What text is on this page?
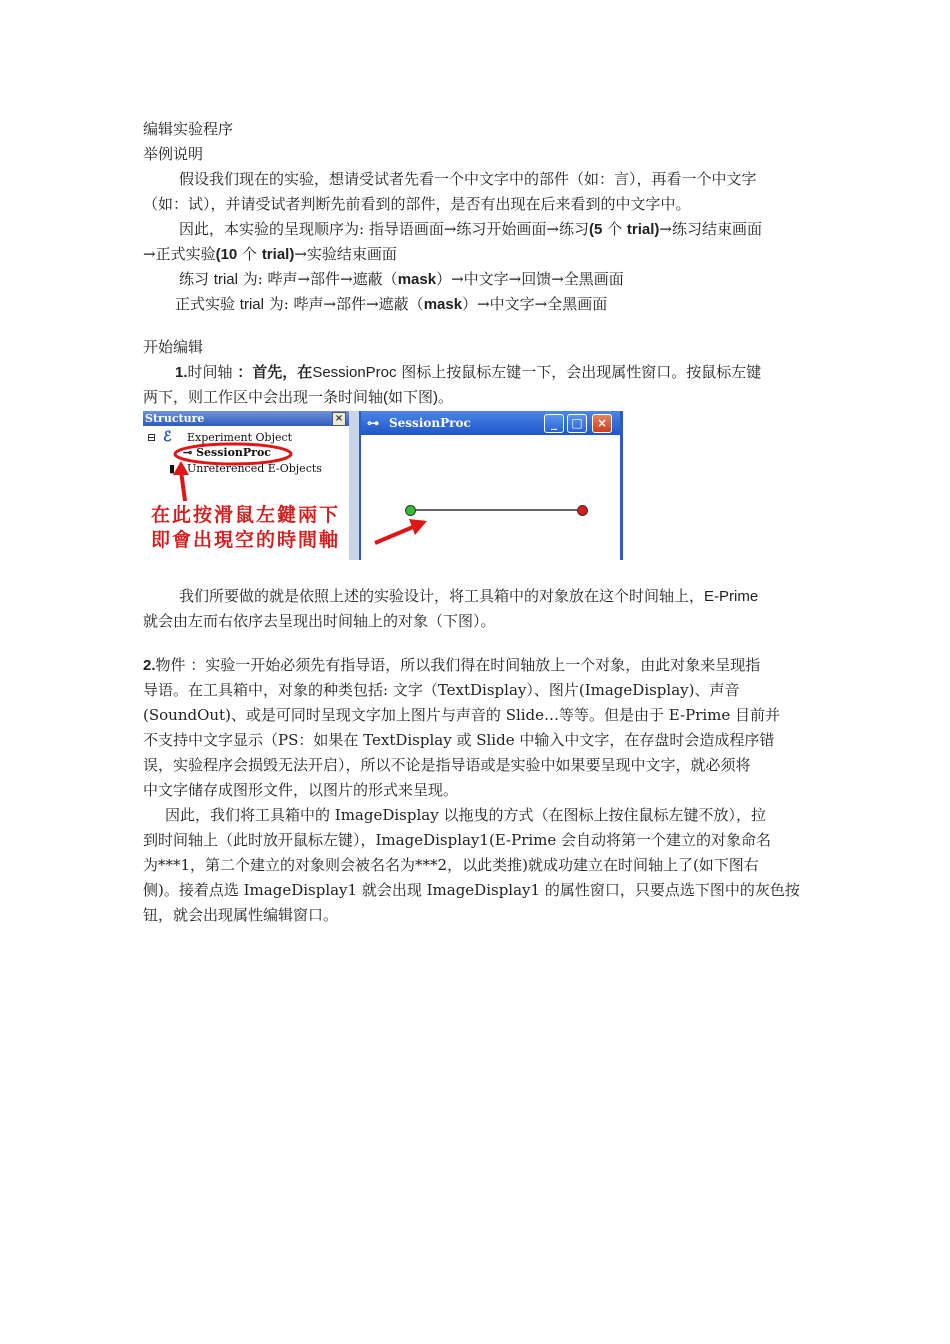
编辑实验程序
举例说明
假设我们现在的实验，想请受试者先看一个中文字中的部件（如：言），再看一个中文字
（如：试），并请受试者判断先前看到的部件，是否有出现在后来看到的中文字中。
因此，本实验的呈现顺序为: 指导语画面→练习开始画面→练习(5 个 trial)→练习结束画面
→正式实验(10 个 trial)→实验结束画面
练习 trial 为: 哔声→部件→遮蔽（mask）→中文字→回馈→全黑画面
正式实验 trial 为: 哔声→部件→遮蔽（mask）→中文字→全黑画面
开始编辑
1.时间轴 ：首先，在SessionProc 图标上按鼠标左键一下，会出现属性窗口。按鼠标左键
两下，则工作区中会出现一条时间轴(如下图)。
Structure	×
⊟ ℰ Experiment Object
⊸ SessionProc
▮ Unreferenced E-Objects
⊶ SessionProc	_	□	×
在此按滑鼠左鍵兩下
即會出現空的時間軸
我们所要做的就是依照上述的实验设计，将工具箱中的对象放在这个时间轴上，E-Prime
就会由左而右依序去呈现出时间轴上的对象（下图）。
2.物件 ：实验一开始必须先有指导语，所以我们得在时间轴放上一个对象，由此对象来呈现指
导语。在工具箱中，对象的种类包括: 文字（TextDisplay）、图片(ImageDisplay)、声音
(SoundOut)、或是可同时呈现文字加上图片与声音的 Slide…等等。但是由于 E-Prime 目前并
不支持中文字显示（PS：如果在 TextDisplay 或 Slide 中输入中文字，在存盘时会造成程序错
误，实验程序会损毁无法开启），所以不论是指导语或是实验中如果要呈现中文字，就必须将
中文字储存成图形文件，以图片的形式来呈现。
因此，我们将工具箱中的 ImageDisplay 以拖曳的方式（在图标上按住鼠标左键不放），拉
到时间轴上（此时放开鼠标左键），ImageDisplay1(E-Prime 会自动将第一个建立的对象命名
为***1，第二个建立的对象则会被名名为***2，以此类推)就成功建立在时间轴上了(如下图右
侧)。接着点选 ImageDisplay1 就会出现 ImageDisplay1 的属性窗口，只要点选下图中的灰色按
钮，就会出现属性编辑窗口。
